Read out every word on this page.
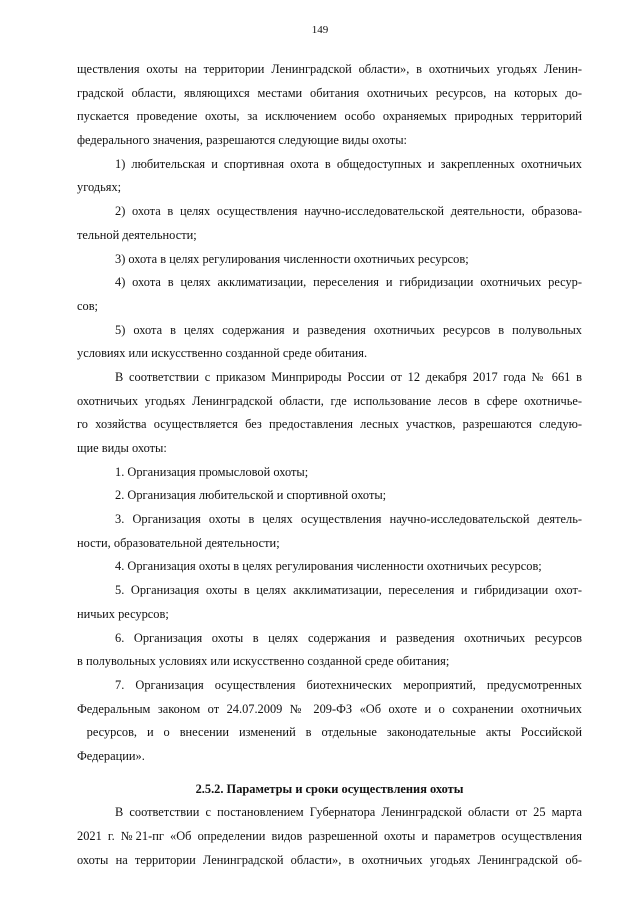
149
ществления охоты на территории Ленинградской области», в охотничьих угодьях Ленин-
градской области, являющихся местами обитания охотничьих ресурсов, на которых до-
пускается проведение охоты, за исключением особо охраняемых природных территорий
федерального значения, разрешаются следующие виды охоты:
1) любительская и спортивная охота в общедоступных и закрепленных охотничьих
угодьях;
2) охота в целях осуществления научно-исследовательской деятельности, образова-
тельной деятельности;
3) охота в целях регулирования численности охотничьих ресурсов;
4) охота в целях акклиматизации, переселения и гибридизации охотничьих ресур-
сов;
5) охота в целях содержания и разведения охотничьих ресурсов в полувольных
условиях или искусственно созданной среде обитания.
В соответствии с приказом Минприроды России от 12 декабря 2017 года № 661 в
охотничьих угодьях Ленинградской области, где использование лесов в сфере охотничье-
го хозяйства осуществляется без предоставления лесных участков, разрешаются следую-
щие виды охоты:
1. Организация промысловой охоты;
2. Организация любительской и спортивной охоты;
3. Организация охоты в целях осуществления научно-исследовательской деятель-
ности, образовательной деятельности;
4. Организация охоты в целях регулирования численности охотничьих ресурсов;
5. Организация охоты в целях акклиматизации, переселения и гибридизации охот-
ничьих ресурсов;
6. Организация охоты в целях содержания и разведения охотничьих ресурсов
в полувольных условиях или искусственно созданной среде обитания;
7. Организация осуществления биотехнических мероприятий, предусмотренных
Федеральным законом от 24.07.2009 № 209-ФЗ «Об охоте и о сохранении охотничьих
ресурсов, и о внесении изменений в отдельные законодательные акты Российской
Федерации».
2.5.2. Параметры и сроки осуществления охоты
В соответствии с постановлением Губернатора Ленинградской области от 25 марта
2021 г. №21-пг «Об определении видов разрешенной охоты и параметров осуществления
охоты на территории Ленинградской области», в охотничьих угодьях Ленинградской об-
